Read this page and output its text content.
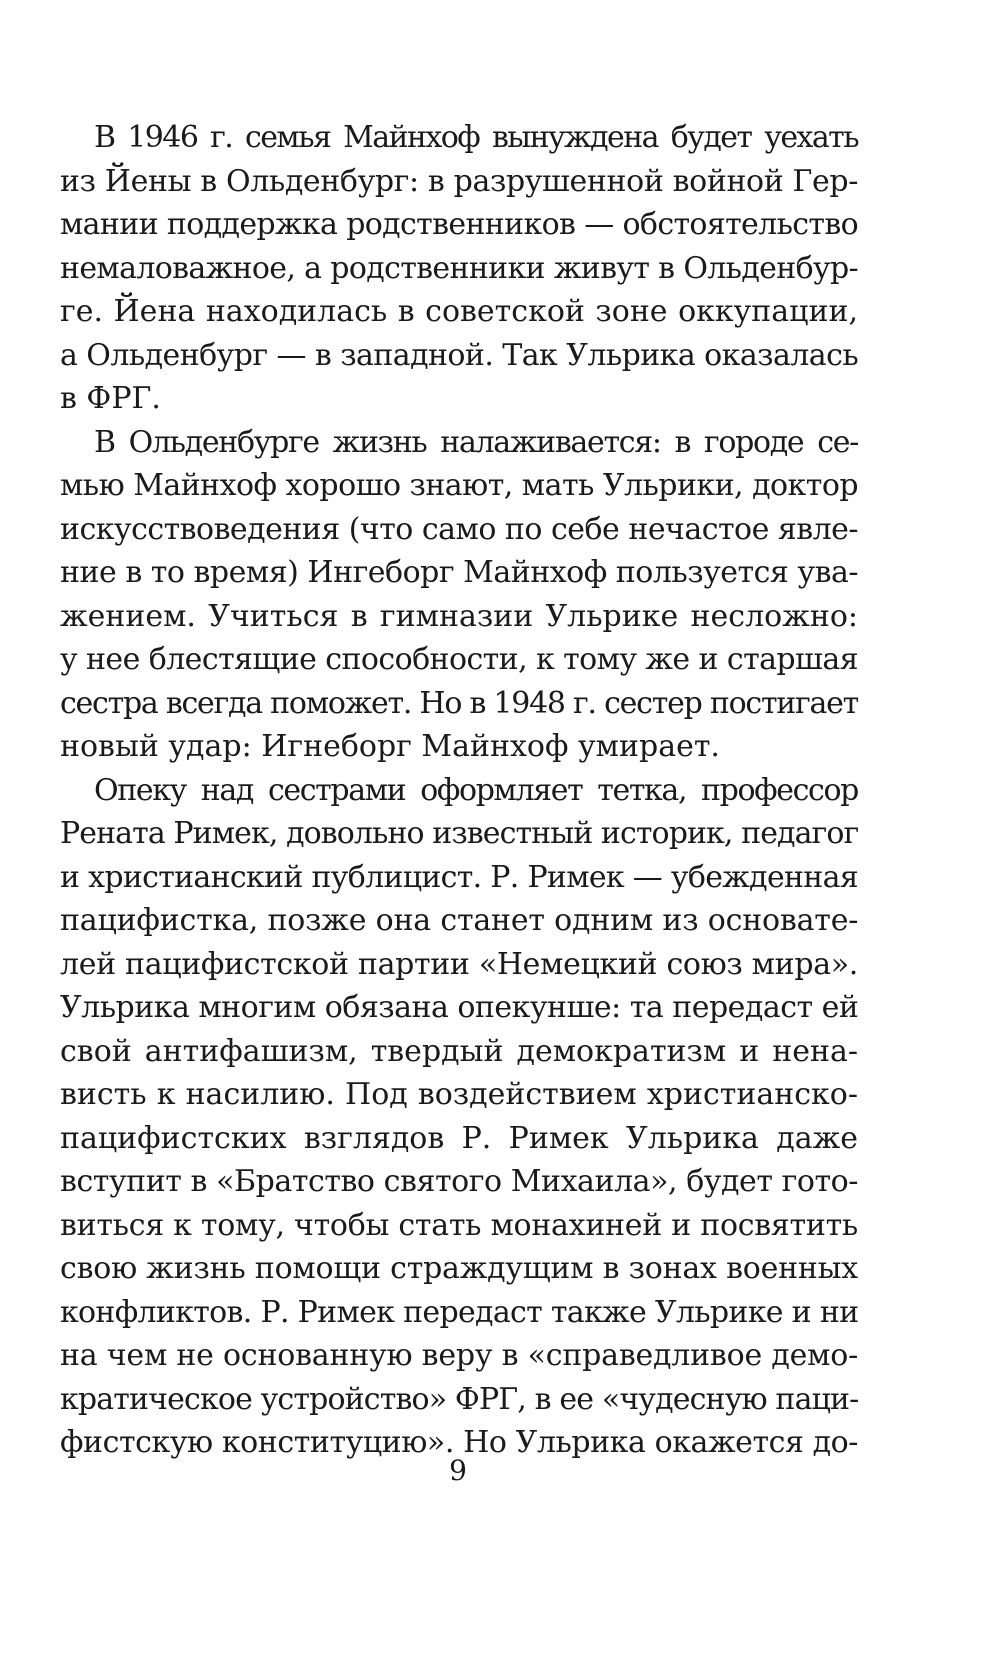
В 1946 г. семья Майнхоф вынуждена будет уехать
из Йены в Ольденбург: в разрушенной войной Гер-
мании поддержка родственников — обстоятельство
немаловажное, а родственники живут в Ольденбур-
ге. Йена находилась в советской зоне оккупации,
а Ольденбург — в западной. Так Ульрика оказалась
в ФРГ.
В Ольденбурге жизнь налаживается: в городе се-
мью Майнхоф хорошо знают, мать Ульрики, доктор
искусствоведения (что само по себе нечастое явле-
ние в то время) Ингеборг Майнхоф пользуется ува-
жением. Учиться в гимназии Ульрике несложно:
у нее блестящие способности, к тому же и старшая
сестра всегда поможет. Но в 1948 г. сестер постигает
новый удар: Игнеборг Майнхоф умирает.
Опеку над сестрами оформляет тетка, профессор
Рената Римек, довольно известный историк, педагог
и христианский публицист. Р. Римек — убежденная
пацифистка, позже она станет одним из основате-
лей пацифистской партии «Немецкий союз мира».
Ульрика многим обязана опекунше: та передаст ей
свой антифашизм, твердый демократизм и нена-
висть к насилию. Под воздействием христианско-
пацифистских взглядов Р. Римек Ульрика даже
вступит в «Братство святого Михаила», будет гото-
виться к тому, чтобы стать монахиней и посвятить
свою жизнь помощи страждущим в зонах военных
конфликтов. Р. Римек передаст также Ульрике и ни
на чем не основанную веру в «справедливое демо-
кратическое устройство» ФРГ, в ее «чудесную паци-
фистскую конституцию». Но Ульрика окажется до-
9
